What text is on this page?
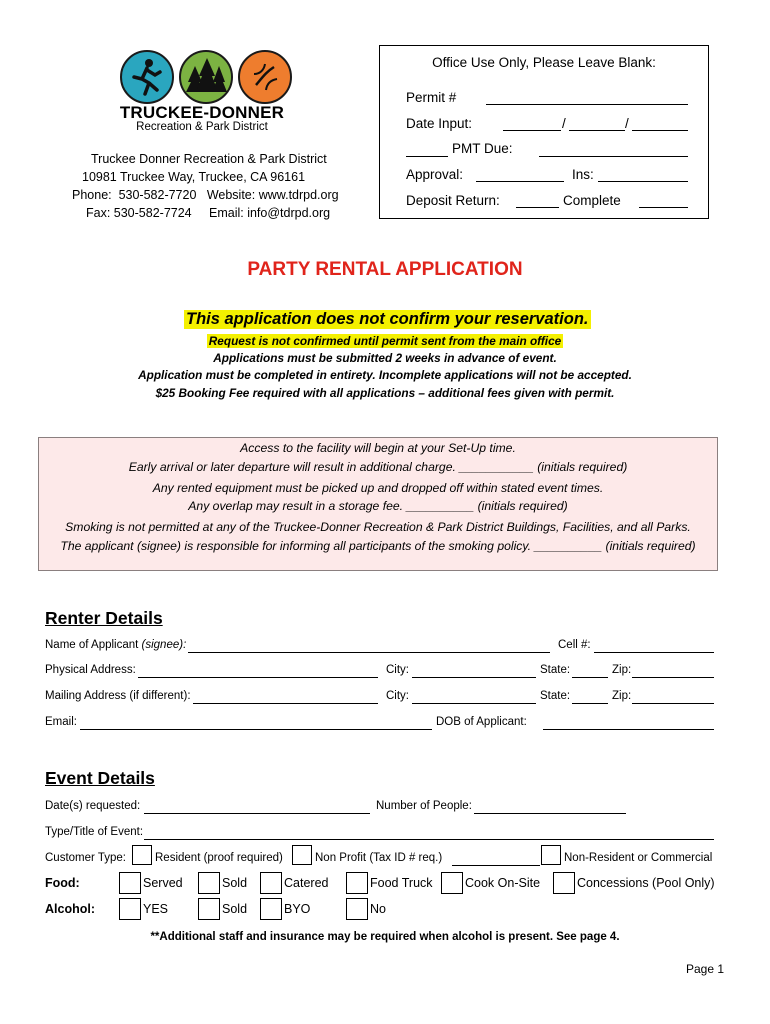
TRUCKEE-DONNER
Recreation & Park District
Truckee Donner Recreation & Park District
10981 Truckee Way, Truckee, CA 96161
Phone:  530-582-7720   Website: www.tdrpd.org
Fax: 530-582-7724     Email: info@tdrpd.org
Office Use Only, Please Leave Blank:
Permit #
Date Input:	/	/
PMT Due:
Approval:	Ins:
Deposit Return:	Complete
PARTY RENTAL APPLICATION
This application does not confirm your reservation.
Request is not confirmed until permit sent from the main office
Applications must be submitted 2 weeks in advance of event.
Application must be completed in entirety. Incomplete applications will not be accepted.
$25 Booking Fee required with all applications – additional fees given with permit.
Access to the facility will begin at your Set-Up time.
Early arrival or later departure will result in additional charge. ___________ (initials required)
Any rented equipment must be picked up and dropped off within stated event times.
Any overlap may result in a storage fee. __________ (initials required)
Smoking is not permitted at any of the Truckee-Donner Recreation & Park District Buildings, Facilities, and all Parks.
The applicant (signee) is responsible for informing all participants of the smoking policy. __________ (initials required)
Renter Details
Name of Applicant (signee):	Cell #:
Physical Address:	City:	State:	Zip:
Mailing Address (if different):	City:	State:	Zip:
Email:	DOB of Applicant:
Event Details
Date(s) requested:	Number of People:
Type/Title of Event:
Customer Type:	Resident (proof required)	Non Profit (Tax ID # req.)	Non-Resident or Commercial
Food:	Served	Sold	Catered	Food Truck	Cook On-Site	Concessions (Pool Only)
Alcohol:	YES	Sold	BYO	No
**Additional staff and insurance may be required when alcohol is present. See page 4.
Page 1
